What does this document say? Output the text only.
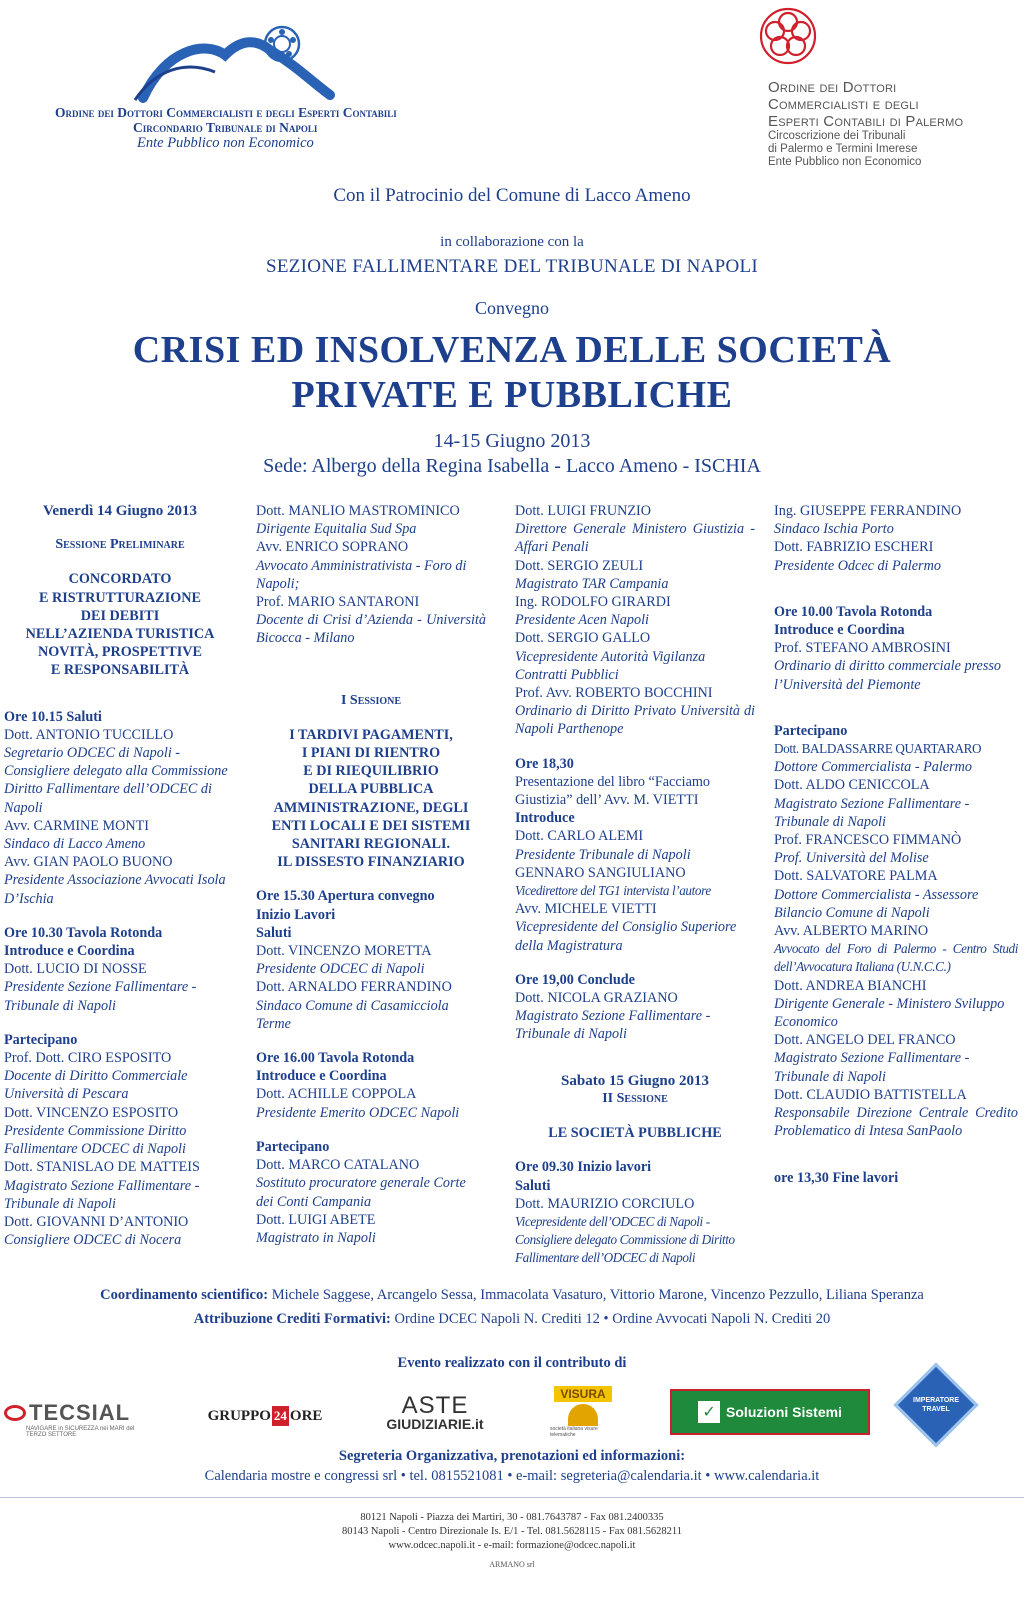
Ordine dei Dottori Commercialisti e degli Esperti Contabili
Circondario Tribunale di Napoli
Ente Pubblico non Economico
Ordine dei Dottori
Commercialisti e degli
Esperti Contabili di Palermo
Circoscrizione dei Tribunali
di Palermo e Termini Imerese
Ente Pubblico non Economico
Con il Patrocinio del Comune di Lacco Ameno
in collaborazione con la
SEZIONE FALLIMENTARE DEL TRIBUNALE DI NAPOLI
Convegno
CRISI ED INSOLVENZA DELLE SOCIETÀ
PRIVATE E PUBBLICHE
14-15 Giugno 2013
Sede: Albergo della Regina Isabella - Lacco Ameno - ISCHIA

Venerdì 14 Giugno 2013

Sessione Preliminare

CONCORDATO

E RISTRUTTURAZIONE

DEI DEBITI

NELL’AZIENDA TURISTICA

NOVITÀ, PROSPETTIVE

E RESPONSABILITÀ

Ore 10.15 Saluti

Dott. ANTONIO TUCCILLO

Segretario ODCEC di Napoli - Consigliere delegato alla Commissione Diritto Fallimentare dell’ODCEC di Napoli

Avv. CARMINE MONTI

Sindaco di Lacco Ameno

Avv. GIAN PAOLO BUONO

Presidente Associazione Avvocati Isola D’Ischia

Ore 10.30 Tavola Rotonda

Introduce e Coordina

Dott. LUCIO DI NOSSE

Presidente Sezione Fallimentare - Tribunale di Napoli

Partecipano

Prof. Dott. CIRO ESPOSITO

Docente di Diritto Commerciale Università di Pescara

Dott. VINCENZO ESPOSITO

Presidente Commissione Diritto Fallimentare ODCEC di Napoli

Dott. STANISLAO DE MATTEIS

Magistrato Sezione Fallimentare - Tribunale di Napoli

Dott. GIOVANNI D’ANTONIO

Consigliere ODCEC di Nocera

Dott. MANLIO MASTROMINICO

Dirigente Equitalia Sud Spa

Avv. ENRICO SOPRANO

Avvocato Amministrativista - Foro di Napoli;

Prof. MARIO SANTARONI

Docente di Crisi d’Azienda - Università Bicocca - Milano

I Sessione

I TARDIVI PAGAMENTI,

I PIANI DI RIENTRO

E DI RIEQUILIBRIO

DELLA PUBBLICA

AMMINISTRAZIONE, DEGLI

ENTI LOCALI E DEI SISTEMI

SANITARI REGIONALI.

IL DISSESTO FINANZIARIO

Ore 15.30 Apertura convegno

Inizio Lavori

Saluti

Dott. VINCENZO MORETTA

Presidente ODCEC di Napoli

Dott. ARNALDO FERRANDINO

Sindaco Comune di Casamicciola Terme

Ore 16.00 Tavola Rotonda

Introduce e Coordina

Dott. ACHILLE COPPOLA

Presidente Emerito ODCEC Napoli

Partecipano

Dott. MARCO CATALANO

Sostituto procuratore generale Corte dei Conti Campania

Dott. LUIGI ABETE

Magistrato in Napoli

Dott. LUIGI FRUNZIO

Direttore Generale Ministero Giustizia - Affari Penali

Dott. SERGIO ZEULI

Magistrato TAR Campania

Ing. RODOLFO GIRARDI

Presidente Acen Napoli

Dott. SERGIO GALLO

Vicepresidente Autorità Vigilanza Contratti Pubblici

Prof. Avv. ROBERTO BOCCHINI

Ordinario di Diritto Privato Università di Napoli Parthenope

Ore 18,30

Presentazione del libro “Facciamo Giustizia” dell’ Avv. M. VIETTI

Introduce

Dott. CARLO ALEMI

Presidente Tribunale di Napoli

GENNARO SANGIULIANO

Vicedirettore del TG1 intervista l’autore

Avv. MICHELE VIETTI

Vicepresidente del Consiglio Superiore della Magistratura

Ore 19,00 Conclude

Dott. NICOLA GRAZIANO

Magistrato Sezione Fallimentare - Tribunale di Napoli

Sabato 15 Giugno 2013

II Sessione

LE SOCIETÀ PUBBLICHE

Ore 09.30 Inizio lavori

Saluti

Dott. MAURIZIO CORCIULO

Vicepresidente dell’ODCEC di Napoli - Consigliere delegato Commissione di Diritto Fallimentare dell’ODCEC di Napoli

Ing. GIUSEPPE FERRANDINO

Sindaco Ischia Porto

Dott. FABRIZIO ESCHERI

Presidente Odcec di Palermo

Ore 10.00 Tavola Rotonda

Introduce e Coordina

Prof. STEFANO AMBROSINI

Ordinario di diritto commerciale presso l’Università del Piemonte

Partecipano

Dott. BALDASSARRE QUARTARARO

Dottore Commercialista - Palermo

Dott. ALDO CENICCOLA

Magistrato Sezione Fallimentare - Tribunale di Napoli

Prof. FRANCESCO FIMMANÒ

Prof. Università del Molise

Dott. SALVATORE PALMA

Dottore Commercialista - Assessore Bilancio Comune di Napoli

Avv. ALBERTO MARINO

Avvocato del Foro di Palermo - Centro Studi dell’Avvocatura Italiana (U.N.C.C.)

Dott. ANDREA BIANCHI

Dirigente Generale - Ministero Sviluppo Economico

Dott. ANGELO DEL FRANCO

Magistrato Sezione Fallimentare - Tribunale di Napoli

Dott. CLAUDIO BATTISTELLA

Responsabile Direzione Centrale Credito Problematico di Intesa SanPaolo

ore 13,30 Fine lavori

Coordinamento scientifico: Michele Saggese, Arcangelo Sessa, Immacolata Vasaturo, Vittorio Marone, Vincenzo Pezzullo, Liliana Speranza
Attribuzione Crediti Formativi: Ordine DCEC Napoli N. Crediti 12 • Ordine Avvocati Napoli N. Crediti 20
Evento realizzato con il contributo di
TECSIAL
NAVIGARE in SICUREZZA nei MARI del TERZO SETTORE
GRUPPO 24 ORE	ASTE
GIUDIZIARIE.it
VISURA
società italiana visure telematiche
✓ Soluzioni Sistemi
IMPERATORE
TRAVEL
Segreteria Organizzativa, prenotazioni ed informazioni:
Calendaria mostre e congressi srl • tel. 0815521081 • e-mail: segreteria@calendaria.it • www.calendaria.it
80121 Napoli - Piazza dei Martiri, 30 - 081.7643787 - Fax 081.2400335
80143 Napoli - Centro Direzionale Is. E/1 - Tel. 081.5628115 - Fax 081.5628211
www.odcec.napoli.it - e-mail: formazione@odcec.napoli.it
ARMANO srl
